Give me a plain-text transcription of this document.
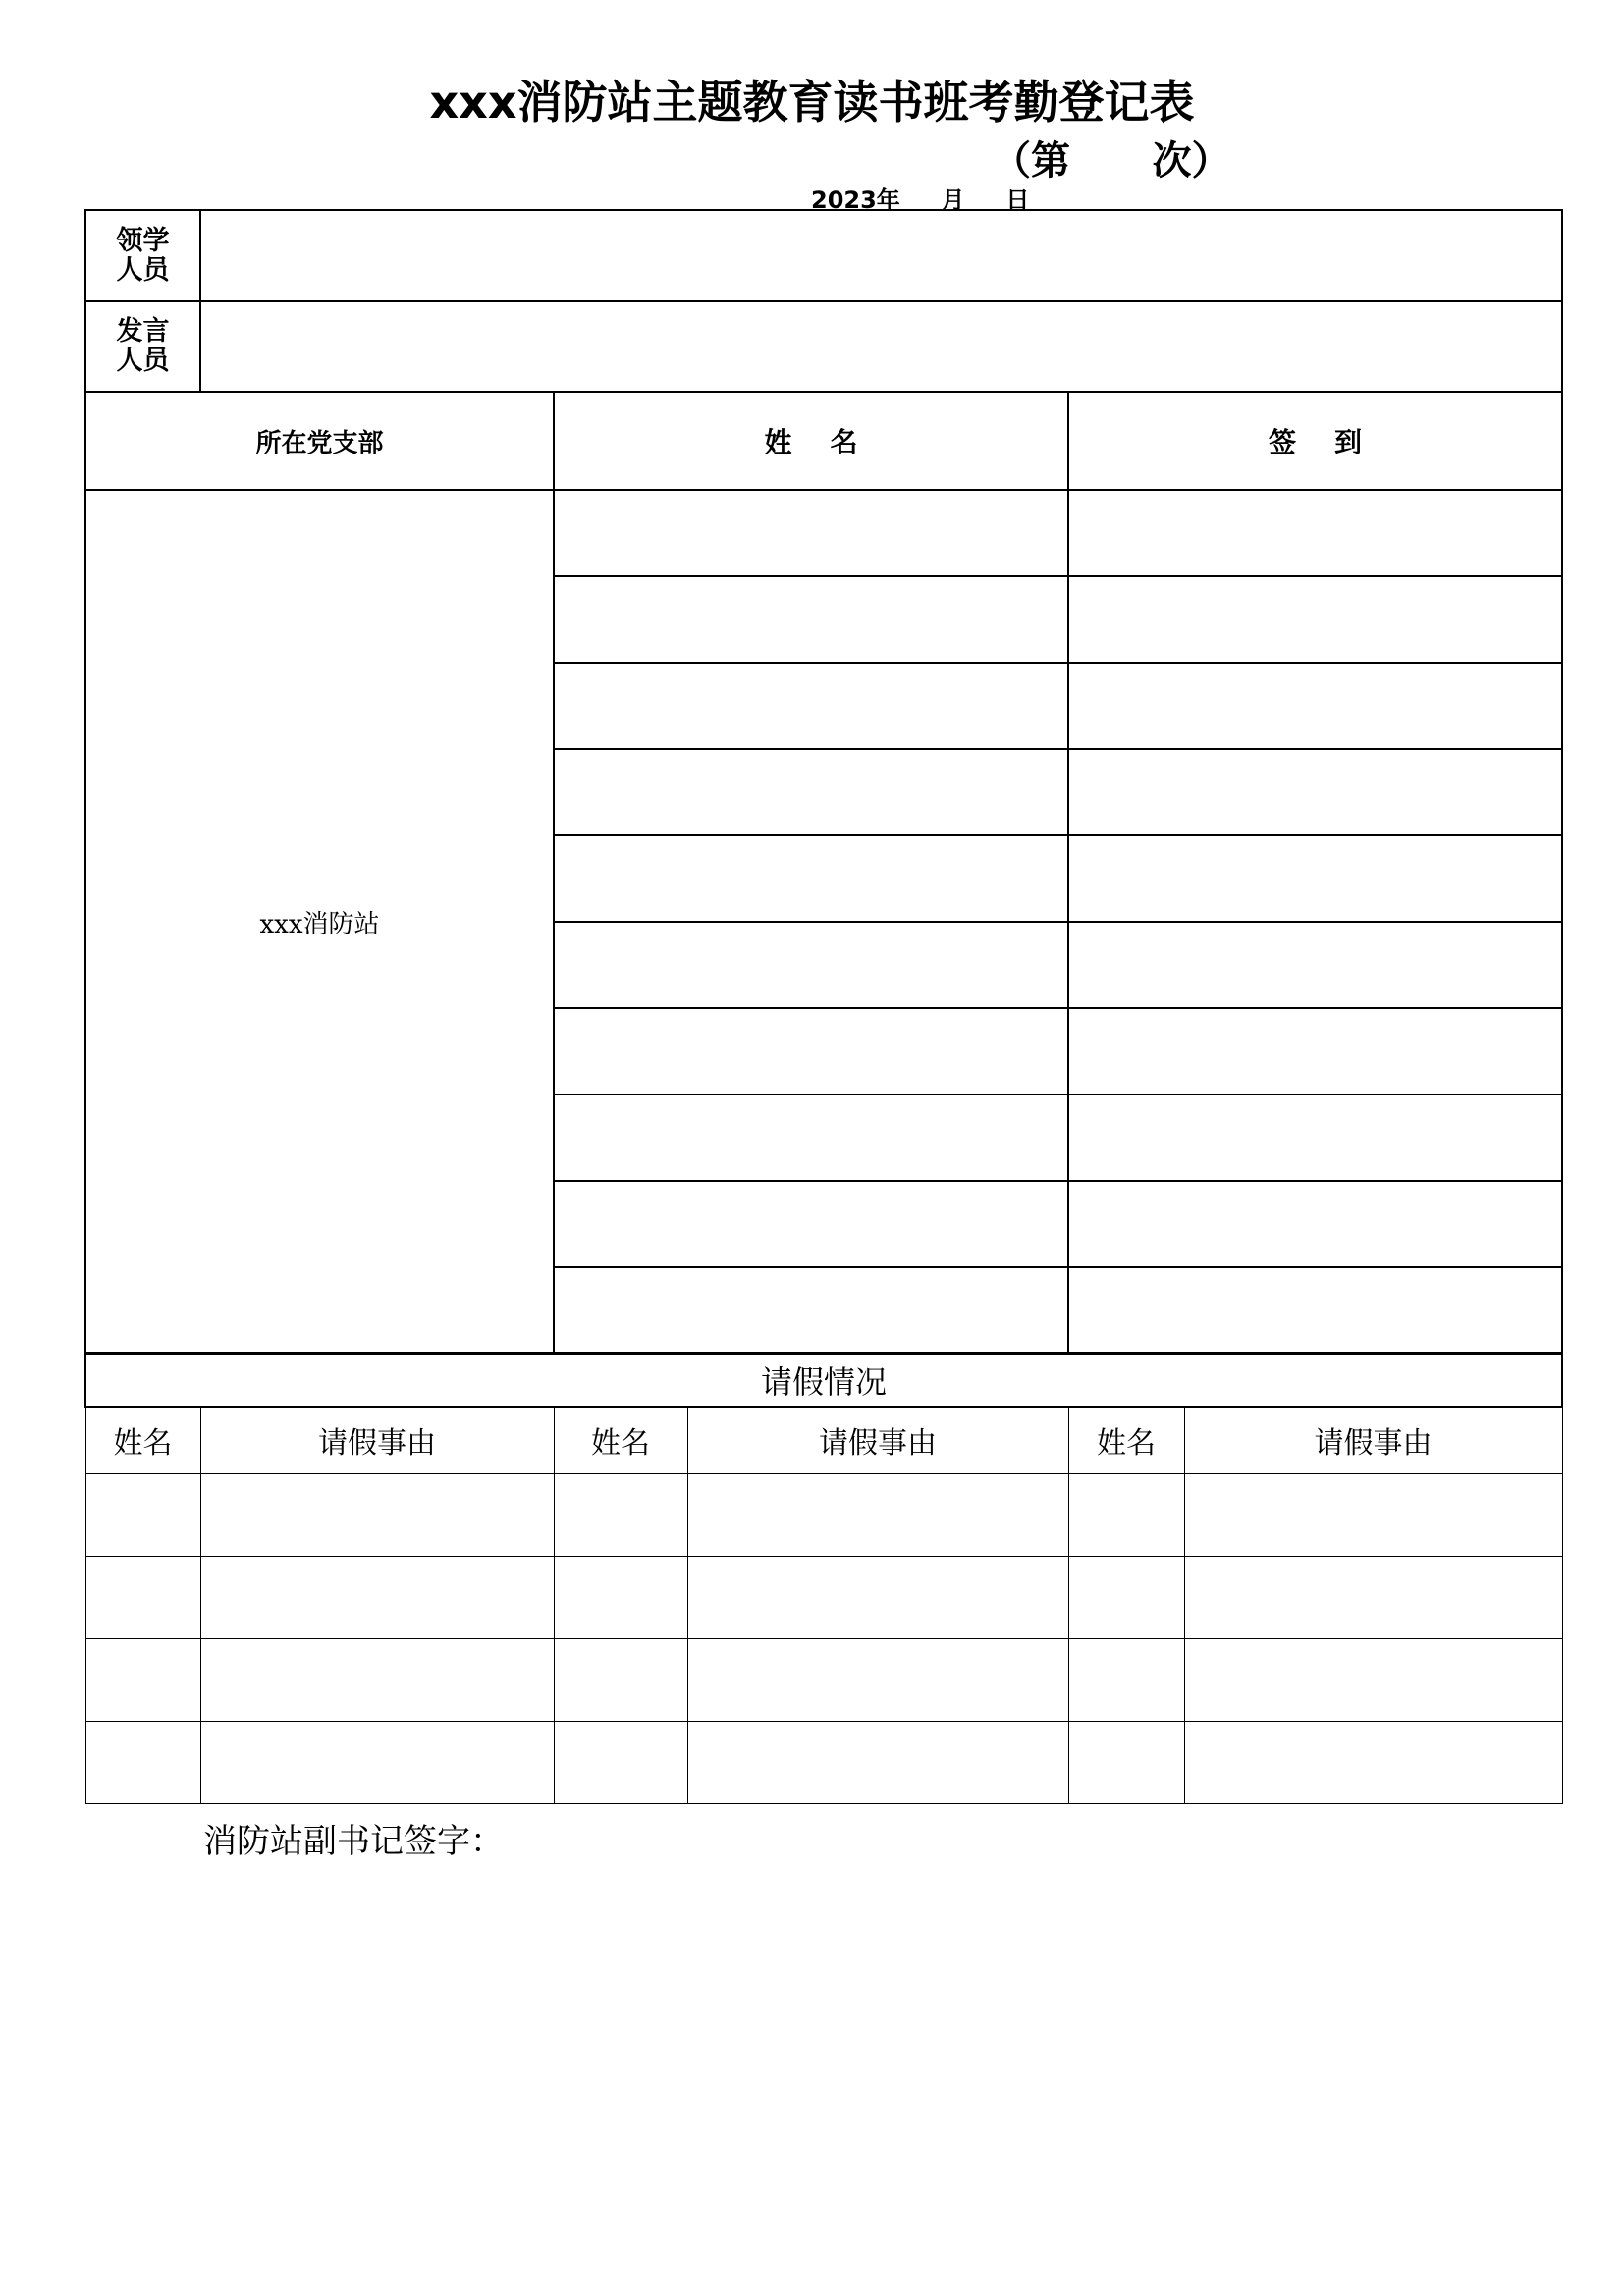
xxx消防站主题教育读书班考勤登记表
（第      次）
2023年     月     日
领学人员			

发言人员			

所在党支部		姓    名	签    到
xxx消防站			

请假情况					
姓名	请假事由	姓名	请假事由	姓名	请假事由

消防站副书记签字：
